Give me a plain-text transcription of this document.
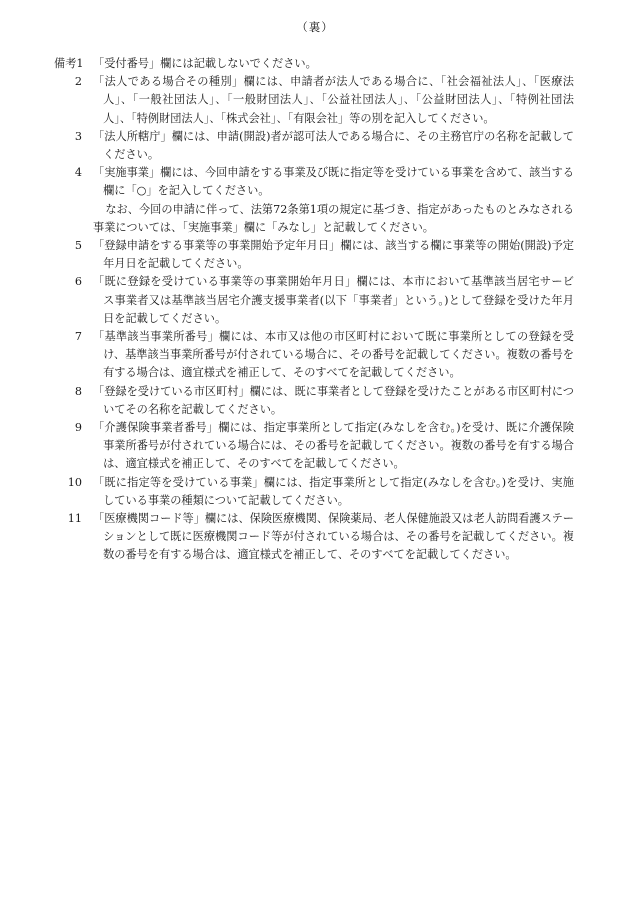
（裏）
備考1 「受付番号」欄には記載しないでください。
2 「法人である場合その種別」欄には、申請者が法人である場合に、「社会福祉法人」、「医療法人」、「一般社団法人」、「一般財団法人」、「公益社団法人」、「公益財団法人」、「特例社団法人」、「特例財団法人」、「株式会社」、「有限会社」等の別を記入してください。
3 「法人所轄庁」欄には、申請(開設)者が認可法人である場合に、その主務官庁の名称を記載してください。
4 「実施事業」欄には、今回申請をする事業及び既に指定等を受けている事業を含めて、該当する欄に「○」を記入してください。
なお、今回の申請に伴って、法第72条第1項の規定に基づき、指定があったものとみなされる事業については、「実施事業」欄に「みなし」と記載してください。
5 「登録申請をする事業等の事業開始予定年月日」欄には、該当する欄に事業等の開始(開設)予定年月日を記載してください。
6 「既に登録を受けている事業等の事業開始年月日」欄には、本市において基準該当居宅サービス事業者又は基準該当居宅介護支援事業者(以下「事業者」という。)として登録を受けた年月日を記載してください。
7 「基準該当事業所番号」欄には、本市又は他の市区町村において既に事業所としての登録を受け、基準該当事業所番号が付されている場合に、その番号を記載してください。複数の番号を有する場合は、適宜様式を補正して、そのすべてを記載してください。
8 「登録を受けている市区町村」欄には、既に事業者として登録を受けたことがある市区町村についてその名称を記載してください。
9 「介護保険事業者番号」欄には、指定事業所として指定(みなしを含む。)を受け、既に介護保険事業所番号が付されている場合には、その番号を記載してください。複数の番号を有する場合は、適宜様式を補正して、そのすべてを記載してください。
10 「既に指定等を受けている事業」欄には、指定事業所として指定(みなしを含む。)を受け、実施している事業の種類について記載してください。
11 「医療機関コード等」欄には、保険医療機関、保険薬局、老人保健施設又は老人訪問看護ステーションとして既に医療機関コード等が付されている場合は、その番号を記載してください。複数の番号を有する場合は、適宜様式を補正して、そのすべてを記載してください。
